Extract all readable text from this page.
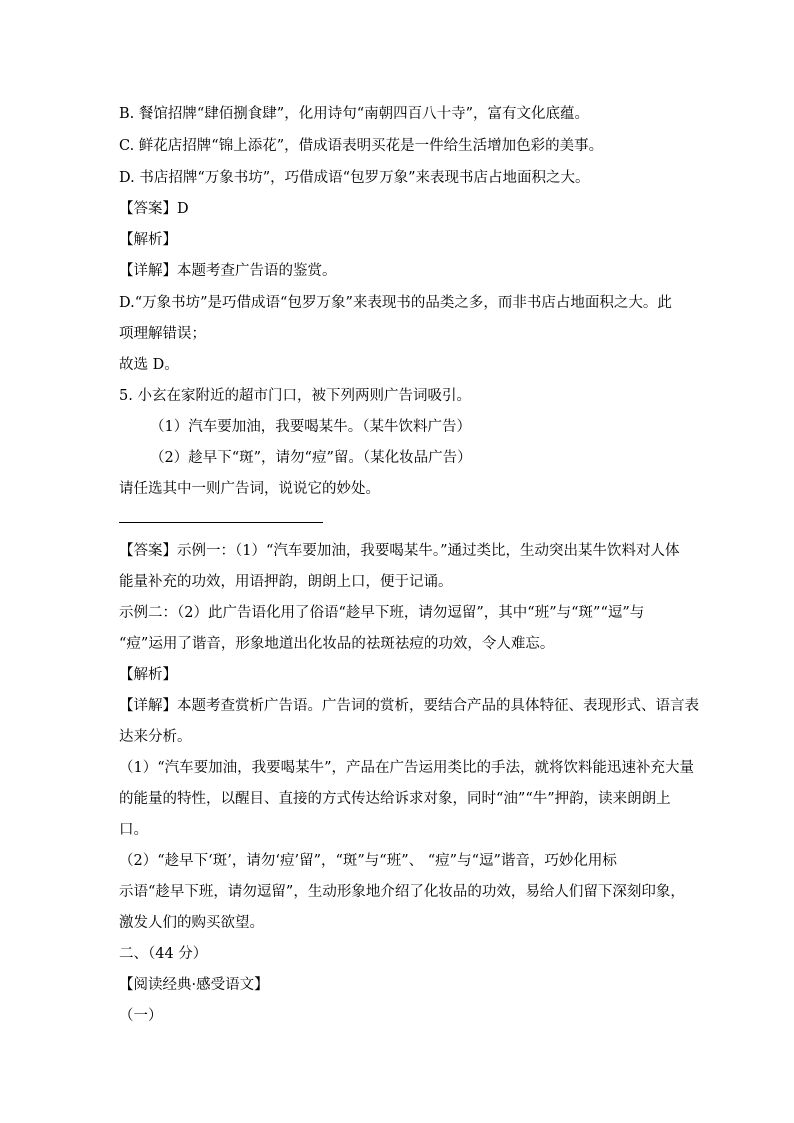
B. 餐馆招牌“肆佰捌食肆”，化用诗句“南朝四百八十寺”，富有文化底蕴。
C. 鲜花店招牌“锦上添花”，借成语表明买花是一件给生活增加色彩的美事。
D. 书店招牌“万象书坊”，巧借成语“包罗万象”来表现书店占地面积之大。
【答案】D
【解析】
【详解】本题考查广告语的鉴赏。
D.“万象书坊”是巧借成语“包罗万象”来表现书的品类之多，而非书店占地面积之大。此
项理解错误；
故选 D。
5. 小玄在家附近的超市门口，被下列两则广告词吸引。
（1）汽车要加油，我要喝某牛。（某牛饮料广告）
（2）趁早下“斑”，请勿“痘”留。（某化妆品广告）
请任选其中一则广告词，说说它的妙处。
【答案】示例一：（1）“汽车要加油，我要喝某牛。”通过类比，生动突出某牛饮料对人体
能量补充的功效，用语押韵，朗朗上口，便于记诵。
示例二：（2）此广告语化用了俗语“趁早下班，请勿逗留”，其中“班”与“斑”“逗”与
“痘”运用了谐音，形象地道出化妆品的祛斑祛痘的功效，令人难忘。
【解析】
【详解】本题考查赏析广告语。广告词的赏析，要结合产品的具体特征、表现形式、语言表
达来分析。
（1）“汽车要加油，我要喝某牛”，产品在广告运用类比的手法，就将饮料能迅速补充大量
的能量的特性，以醒目、直接的方式传达给诉求对象，同时“油”“牛”押韵，读来朗朗上
口。
（2）“趁早下‘斑’，请勿‘痘’留”，“斑”与“班”、 “痘”与“逗”谐音，巧妙化用标
示语“趁早下班，请勿逗留”，生动形象地介绍了化妆品的功效，易给人们留下深刻印象，
激发人们的购买欲望。
二、（44 分）
【阅读经典·感受语文】
（一）
